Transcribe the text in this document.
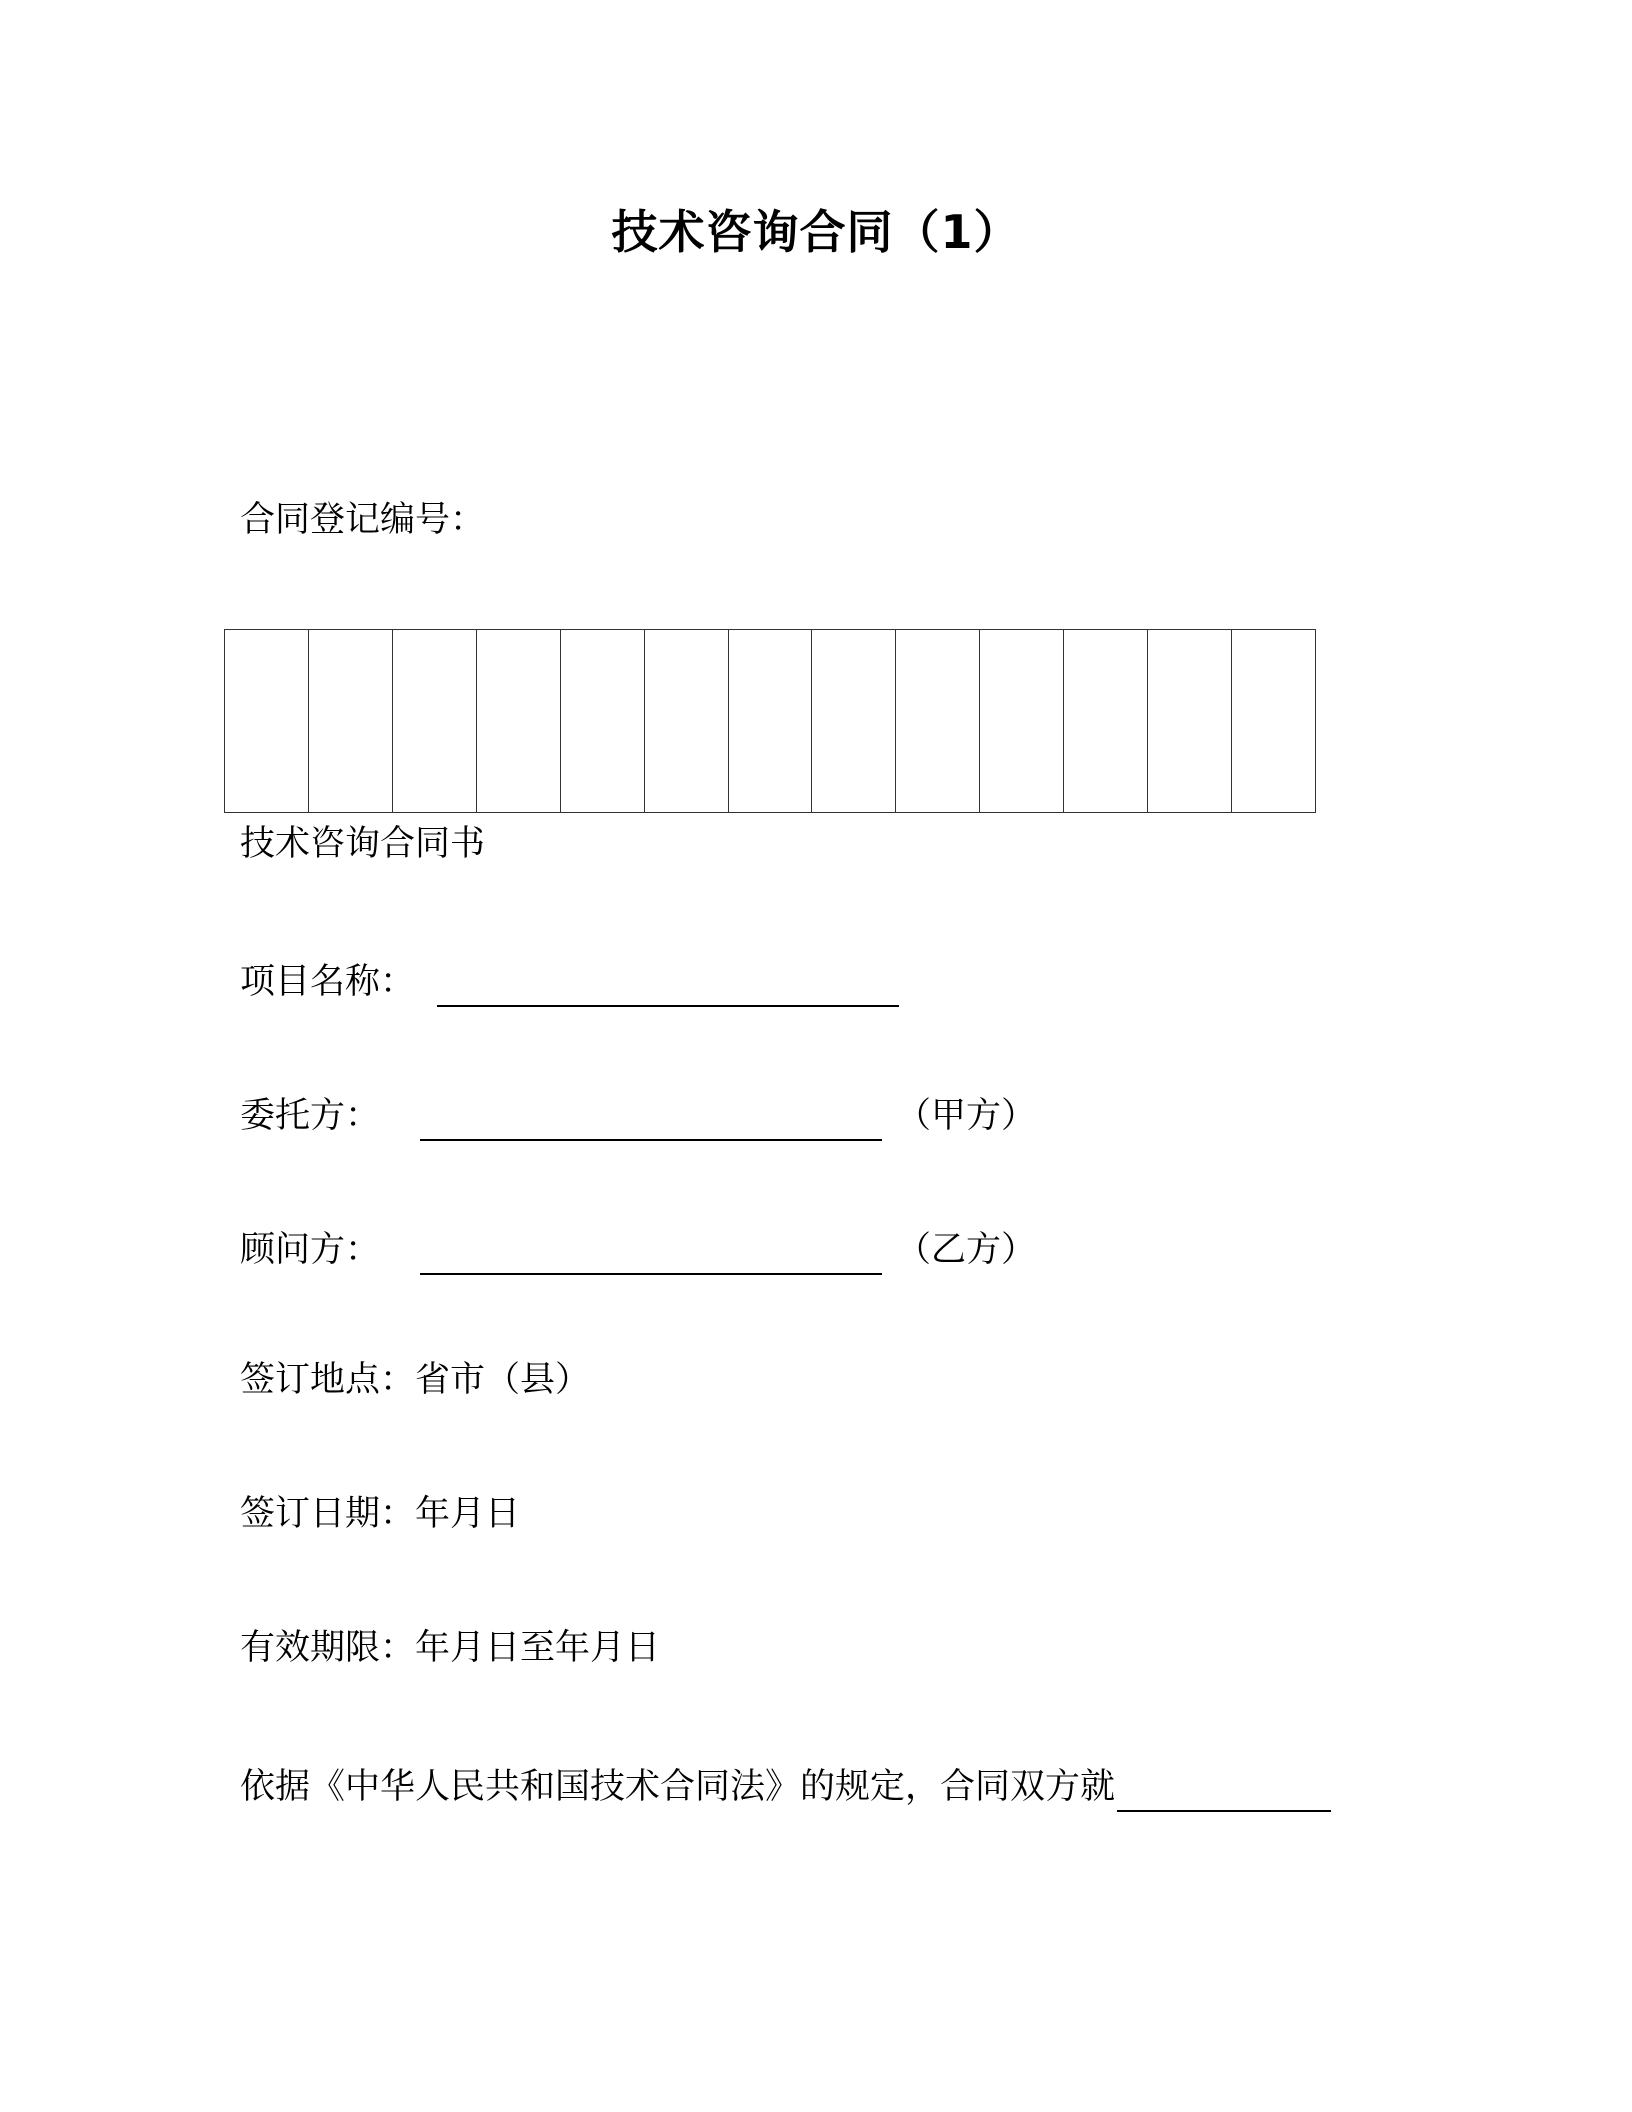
技术咨询合同（1）
合同登记编号：
技术咨询合同书
项目名称：
委托方：	（甲方）
顾问方：	（乙方）
签订地点：省市（县）
签订日期：年月日
有效期限：年月日至年月日
依据《中华人民共和国技术合同法》的规定，合同双方就
